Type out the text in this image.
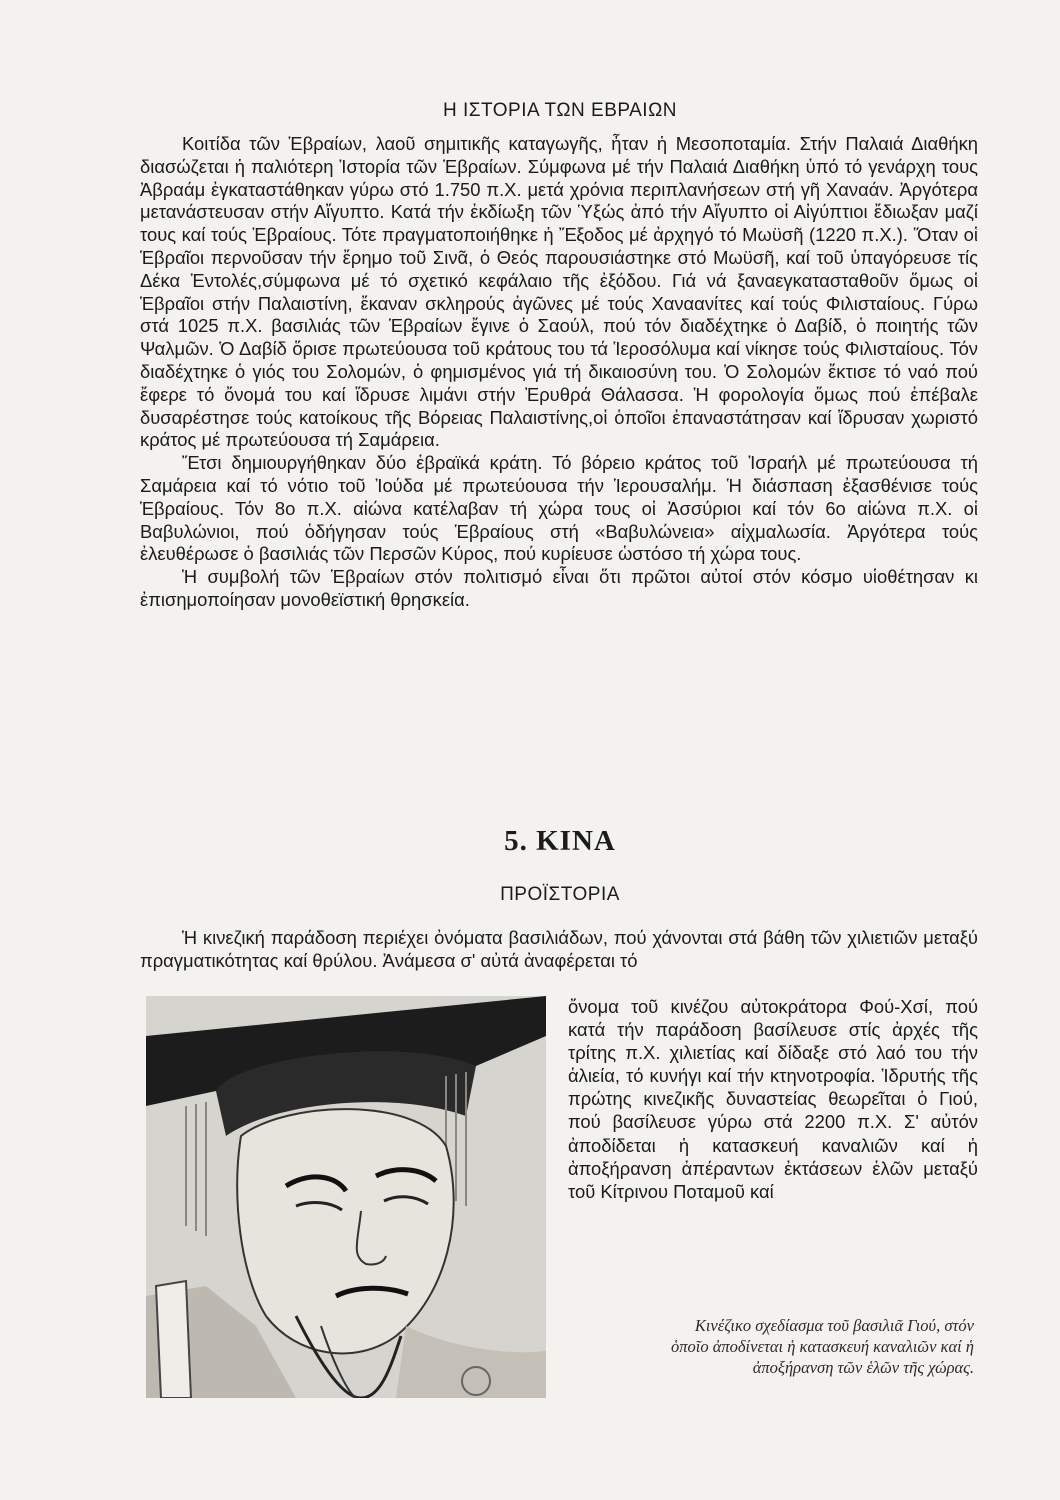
Η ΙΣΤΟΡΙΑ ΤΩΝ ΕΒΡΑΙΩΝ

Κοιτίδα τῶν Ἑβραίων, λαοῦ σημιτικῆς καταγωγῆς, ἦταν ἡ Μεσοποταμία. Στήν Παλαιά Διαθήκη διασώζεται ἡ παλιότερη Ἱστορία τῶν Ἑβραίων. Σύμφωνα μέ τήν Παλαιά Διαθήκη ὑπό τό γενάρχη τους Ἀβραάμ ἐγκαταστάθηκαν γύρω στό 1.750 π.Χ. μετά χρόνια περιπλανήσεων στή γῆ Χαναάν. Ἀργότερα μετανάστευσαν στήν Αἴγυπτο. Κατά τήν ἐκδίωξη τῶν Ὑξώς ἀπό τήν Αἴγυπτο οἱ Αἰγύπτιοι ἔδιωξαν μαζί τους καί τούς Ἑβραίους. Τότε πραγματοποιήθηκε ἡ Ἔξοδος μέ ἀρχηγό τό Μωϋσῆ (1220 π.Χ.). Ὅταν οἱ Ἑβραῖοι περνοῦσαν τήν ἔρημο τοῦ Σινᾶ, ὁ Θεός παρουσιάστηκε στό Μωϋσῆ, καί τοῦ ὑπαγόρευσε τίς Δέκα Ἐντολές,σύμφωνα μέ τό σχετικό κεφάλαιο τῆς ἐξόδου. Γιά νά ξαναεγκατασταθοῦν ὅμως οἱ Ἑβραῖοι στήν Παλαιστίνη, ἔκαναν σκληρούς ἀγῶνες μέ τούς Χαναανίτες καί τούς Φιλισταίους. Γύρω στά 1025 π.Χ. βασιλιάς τῶν Ἑβραίων ἔγινε ὁ Σαούλ, πού τόν διαδέχτηκε ὁ Δαβίδ, ὁ ποιητής τῶν Ψαλμῶν. Ὁ Δαβίδ ὅρισε πρωτεύουσα τοῦ κράτους του τά Ἱεροσόλυμα καί νίκησε τούς Φιλισταίους. Τόν διαδέχτηκε ὁ γιός του Σολομών, ὁ φημισμένος γιά τή δικαιοσύνη του. Ὁ Σολομών ἔκτισε τό ναό πού ἔφερε τό ὄνομά του καί ἵδρυσε λιμάνι στήν Ἐρυθρά Θάλασσα. Ἡ φορολογία ὅμως πού ἐπέβαλε δυσαρέστησε τούς κατοίκους τῆς Βόρειας Παλαιστίνης,οἱ ὁποῖοι ἐπαναστάτησαν καί ἵδρυσαν χωριστό κράτος μέ πρωτεύουσα τή Σαμάρεια.

Ἔτσι δημιουργήθηκαν δύο ἑβραϊκά κράτη. Τό βόρειο κράτος τοῦ Ἰσραήλ μέ πρωτεύουσα τή Σαμάρεια καί τό νότιο τοῦ Ἰούδα μέ πρωτεύουσα τήν Ἱερουσαλήμ. Ἡ διάσπαση ἐξασθένισε τούς Ἑβραίους. Τόν 8ο π.Χ. αἰώνα κατέλαβαν τή χώρα τους οἱ Ἀσσύριοι καί τόν 6ο αἰώνα π.Χ. οἱ Βαβυλώνιοι, πού ὁδήγησαν τούς Ἑβραίους στή «Βαβυλώνεια» αἰχμαλωσία. Ἀργότερα τούς ἐλευθέρωσε ὁ βασιλιάς τῶν Περσῶν Κύρος, πού κυρίευσε ὡστόσο τή χώρα τους.

Ἡ συμβολή τῶν Ἑβραίων στόν πολιτισμό εἶναι ὅτι πρῶτοι αὐτοί στόν κόσμο υἱοθέτησαν κι ἐπισημοποίησαν μονοθεϊστική θρησκεία.

5. ΚΙΝΑ
ΠΡΟΪΣΤΟΡΙΑ

Ἡ κινεζική παράδοση περιέχει ὀνόματα βασιλιάδων, πού χάνονται στά βάθη τῶν χιλιετιῶν μεταξύ πραγματικότητας καί θρύλου. Ἀνάμεσα σ' αὐτά ἀναφέρεται τό

ὄνομα τοῦ κινέζου αὐτοκράτορα Φού-Χσί, πού κατά τήν παράδοση βασίλευσε στίς ἀρχές τῆς τρίτης π.Χ. χιλιετίας καί δίδαξε στό λαό του τήν ἁλιεία, τό κυνήγι καί τήν κτηνοτροφία. Ἱδρυτής τῆς πρώτης κινεζικῆς δυναστείας θεωρεῖται ὁ Γιού, πού βασίλευσε γύρω στά 2200 π.Χ. Σ' αὐτόν ἀποδίδεται ἡ κατασκευή καναλιῶν καί ἡ ἀποξήρανση ἀπέραντων ἐκτάσεων ἑλῶν μεταξύ τοῦ Κίτρινου Ποταμοῦ καί

Κινέζικο σχεδίασμα τοῦ βασιλιᾶ Γιού, στόν
ὁποῖο ἀποδίνεται ἡ κατασκευή καναλιῶν καί ἡ
ἀποξήρανση τῶν ἑλῶν τῆς χώρας.
